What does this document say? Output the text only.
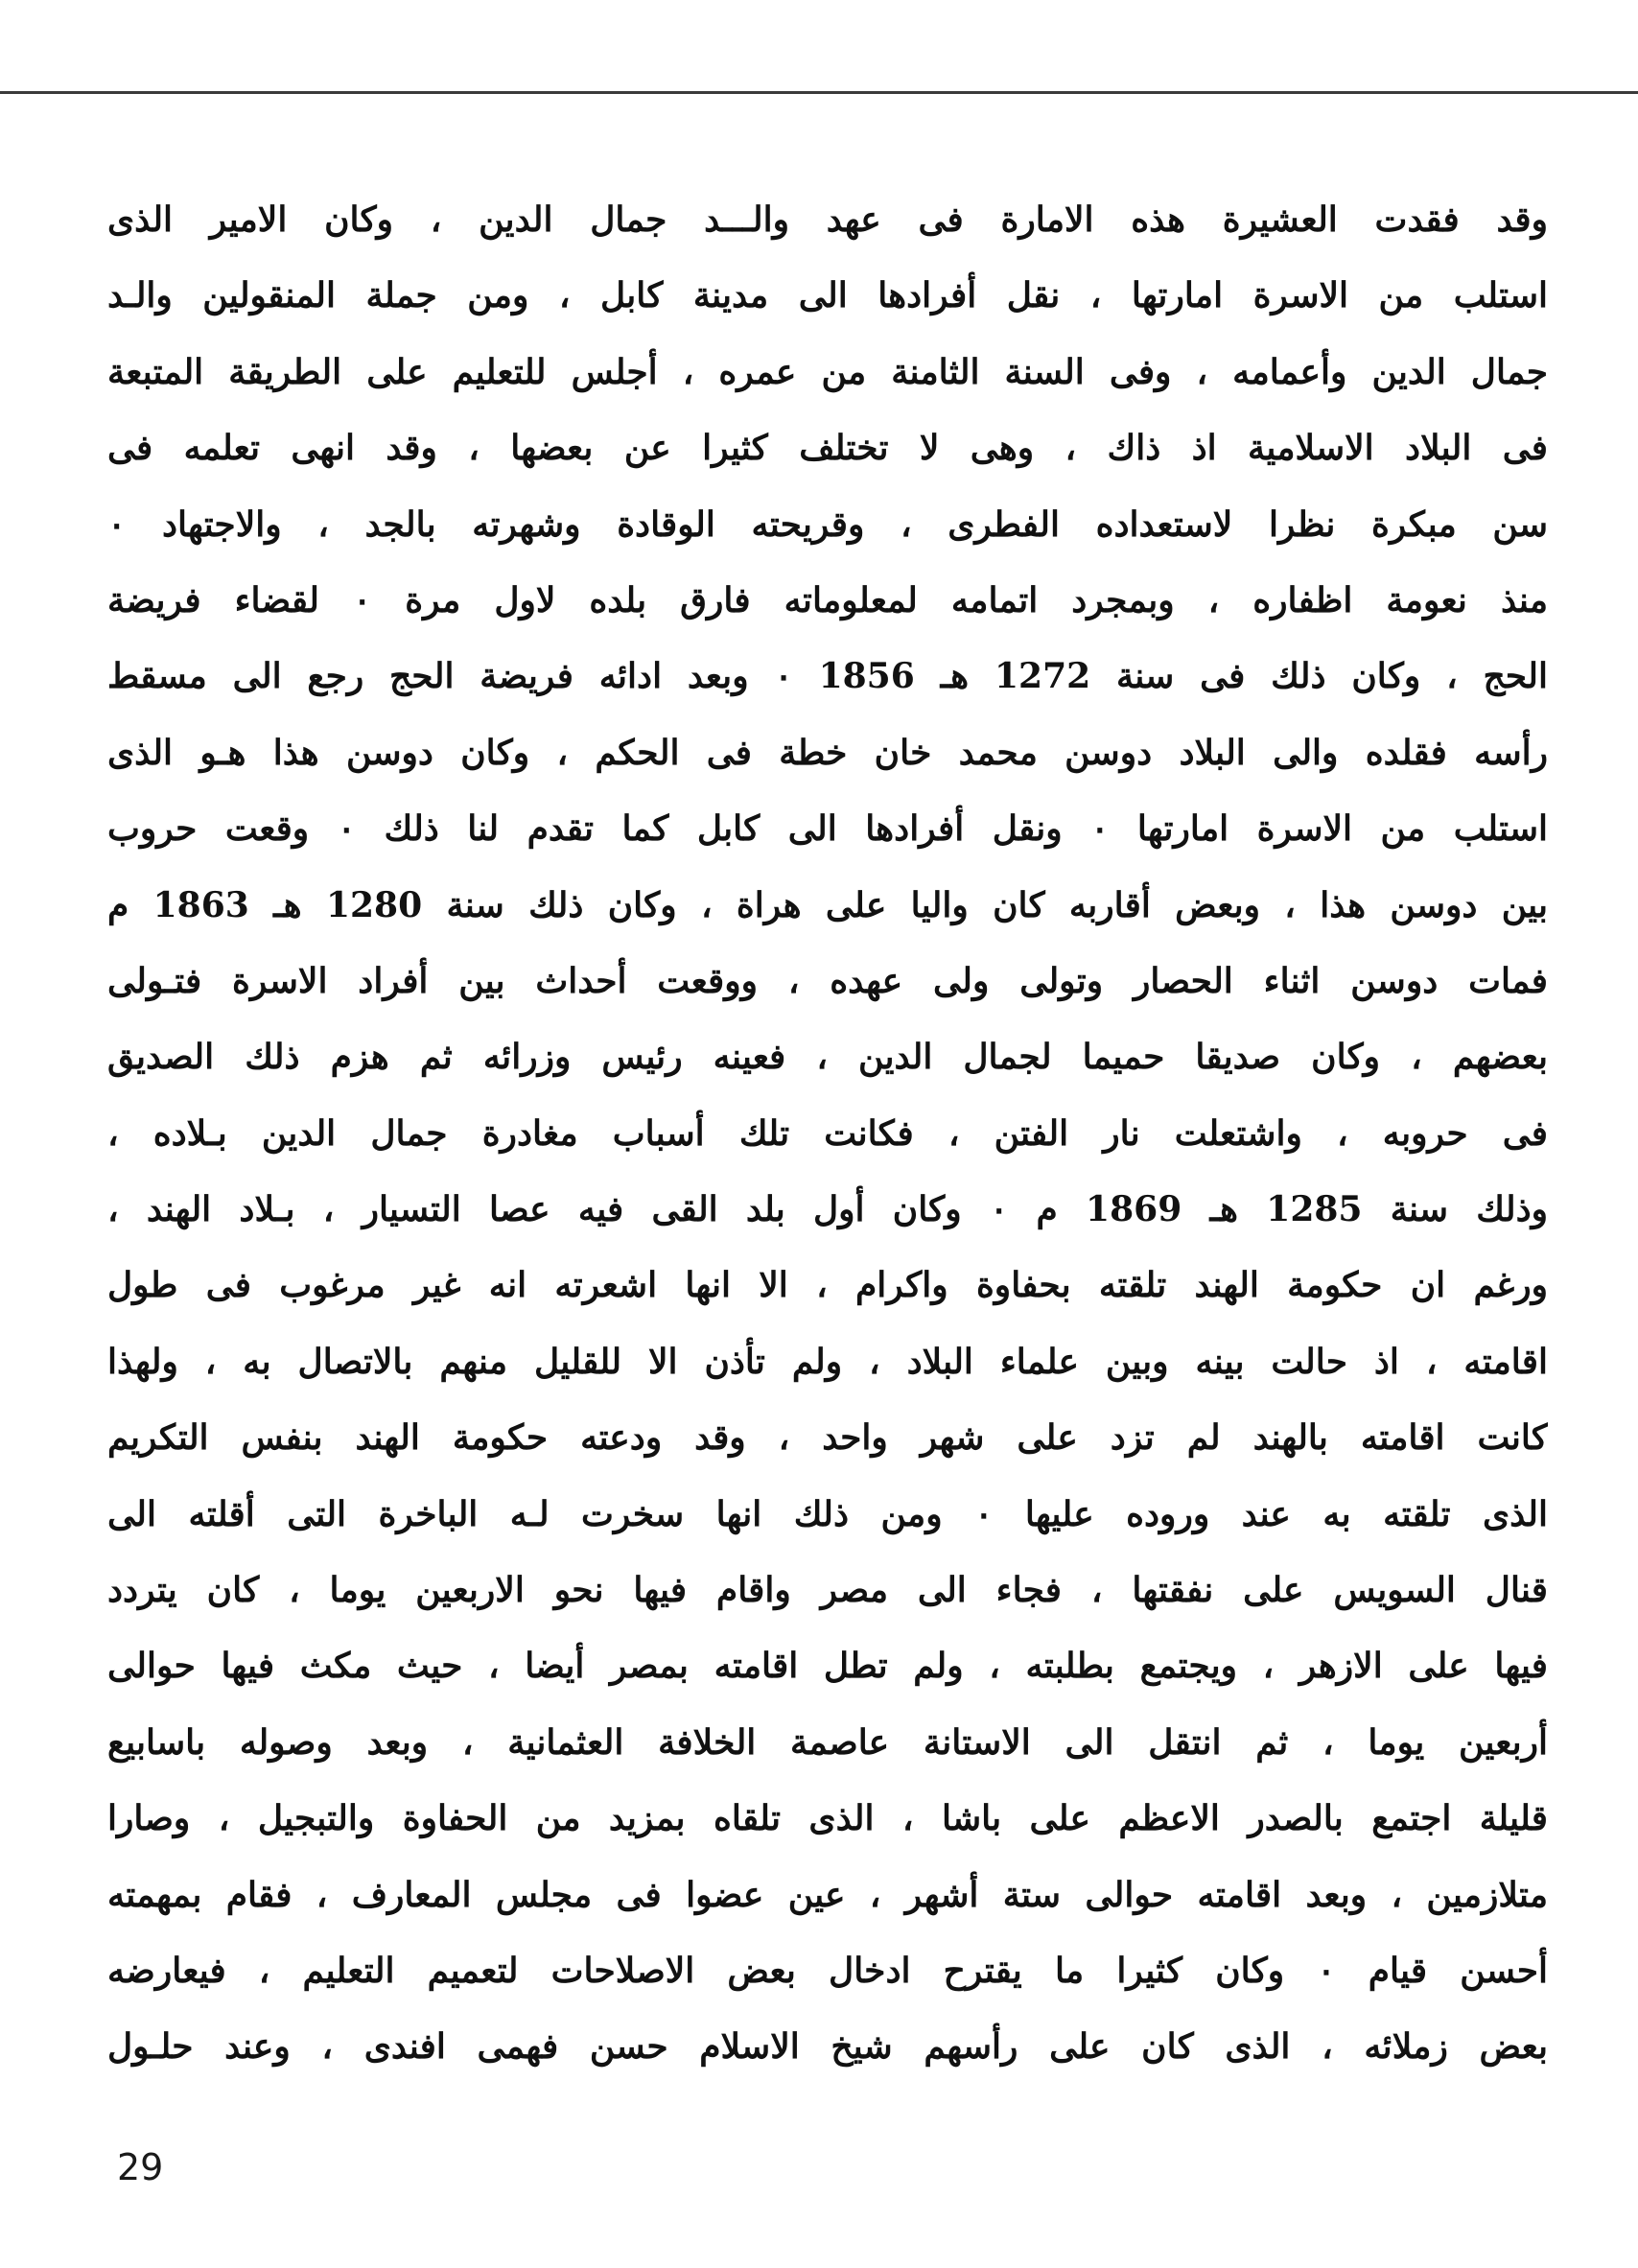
وقد فقدت العشيرة هذه الامارة فى عهد والـــد جمال الدين ، وكان الامير الذى
استلب من الاسرة امارتها ، نقل أفرادها الى مدينة كابل ، ومن جملة المنقولين والـد
جمال الدين وأعمامه ، وفى السنة الثامنة من عمره ، أجلس للتعليم على الطريقة المتبعة
فى البلاد الاسلامية اذ ذاك ، وهى لا تختلف كثيرا عن بعضها ، وقد انهى تعلمه فى
سن مبكرة نظرا لاستعداده الفطرى ، وقريحته الوقادة وشهرته بالجد ، والاجتهاد ٠
منذ نعومة اظفاره ، وبمجرد اتمامه لمعلوماته فارق بلده لاول مرة ٠ لقضاء فريضة
الحج ، وكان ذلك فى سنة 1272 هـ 1856 ٠ وبعد ادائه فريضة الحج رجع الى مسقط
رأسه فقلده والى البلاد دوسن محمد خان خطة فى الحكم ، وكان دوسن هذا هـو الذى
استلب من الاسرة امارتها ٠ ونقل أفرادها الى كابل كما تقدم لنا ذلك ٠ وقعت حروب
بين دوسن هذا ، وبعض أقاربه كان واليا على هراة ، وكان ذلك سنة 1280 هـ 1863 م
فمات دوسن اثناء الحصار وتولى ولى عهده ، ووقعت أحداث بين أفراد الاسرة فتـولى
بعضهم ، وكان صديقا حميما لجمال الدين ، فعينه رئيس وزرائه ثم هزم ذلك الصديق
فى حروبه ، واشتعلت نار الفتن ، فكانت تلك أسباب مغادرة جمال الدين بـلاده ،
وذلك سنة 1285 هـ 1869 م ٠ وكان أول بلد القى فيه عصا التسيار ، بـلاد الهند ،
ورغم ان حكومة الهند تلقته بحفاوة واكرام ، الا انها اشعرته انه غير مرغوب فى طول
اقامته ، اذ حالت بينه وبين علماء البلاد ، ولم تأذن الا للقليل منهم بالاتصال به ، ولهذا
كانت اقامته بالهند لم تزد على شهر واحد ، وقد ودعته حكومة الهند بنفس التكريم
الذى تلقته به عند وروده عليها ٠ ومن ذلك انها سخرت لـه الباخرة التى أقلته الى
قنال السويس على نفقتها ، فجاء الى مصر واقام فيها نحو الاربعين يوما ، كان يتردد
فيها على الازهر ، ويجتمع بطلبته ، ولم تطل اقامته بمصر أيضا ، حيث مكث فيها حوالى
أربعين يوما ، ثم انتقل الى الاستانة عاصمة الخلافة العثمانية ، وبعد وصوله باسابيع
قليلة اجتمع بالصدر الاعظم على باشا ، الذى تلقاه بمزيد من الحفاوة والتبجيل ، وصارا
متلازمين ، وبعد اقامته حوالى ستة أشهر ، عين عضوا فى مجلس المعارف ، فقام بمهمته
أحسن قيام ٠ وكان كثيرا ما يقترح ادخال بعض الاصلاحات لتعميم التعليم ، فيعارضه
بعض زملائه ، الذى كان على رأسهم شيخ الاسلام حسن فهمى افندى ، وعند حلـول
29
